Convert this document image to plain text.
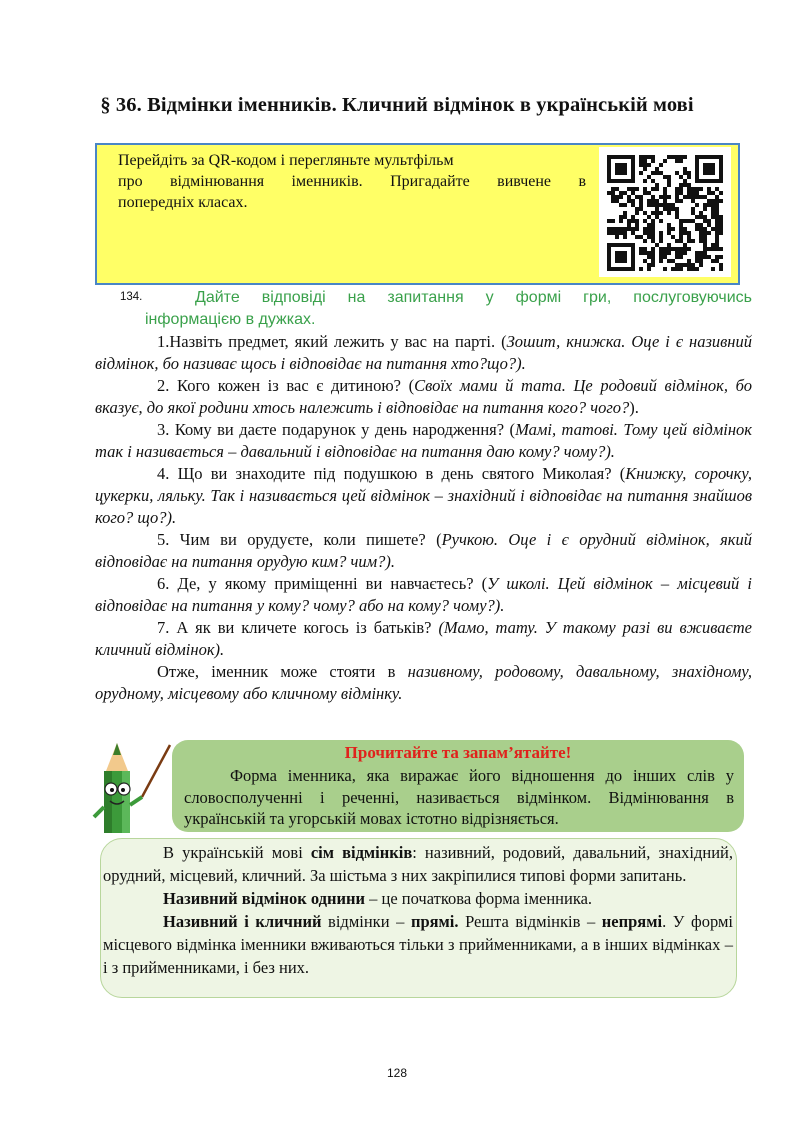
§ 36. Відмінки іменників. Кличний відмінок в українській мові
Перейдіть за QR-кодом і перегляньте мультфільм
про відмінювання іменників. Пригадайте вивчене в
попередніх класах.
134.	Дайте відповіді на запитання у формі гри, послуговуючись
інформацією в дужках.

1.Назвіть предмет, який лежить у вас на парті. (Зошит, книжка. Оце і є називний відмінок, бо називає щось і відповідає на питання хто?що?).

2. Кого кожен із вас є дитиною? (Своїх мами й тата. Це родовий відмінок, бо вказує, до якої родини хтось належить і відповідає на питання кого? чого?).

3. Кому ви даєте подарунок у день народження? (Мамі, татові. Тому цей відмінок так і називається – давальний і відповідає на питання даю кому? чому?).

4. Що ви знаходите під подушкою в день святого Миколая? (Книжку, сорочку, цукерки, ляльку. Так і називається цей відмінок – знахідний і відповідає на питання знайшов кого? що?).

5. Чим ви орудуєте, коли пишете? (Ручкою. Оце і є орудний відмінок, який відповідає на питання орудую ким? чим?).

6. Де, у якому приміщенні ви навчаєтесь? (У школі. Цей відмінок – місцевий і відповідає на питання у кому? чому? або на кому? чому?).

7. А як ви кличете когось із батьків? (Мамо, тату. У такому разі ви вживаєте кличний відмінок).

Отже, іменник може стояти в називному, родовому, давальному, знахідному, орудному, місцевому або кличному відмінку.

Прочитайте та запам’ятайте!
Форма іменника, яка виражає його відношення до інших слів у словосполученні і реченні, називається відмінком. Відмінювання в українській та угорській мовах істотно відрізняється.

В українській мові сім відмінків: називний, родовий, давальний, знахідний, орудний, місцевий, кличний. За шістьма з них закріпилися типові форми запитань.

Називний відмінок однини – це початкова форма іменника.

Називний і кличний відмінки – прямі. Решта відмінків – непрямі. У формі місцевого відмінка іменники вживаються тільки з прийменниками, а в інших відмінках – і з прийменниками, і без них.

128
